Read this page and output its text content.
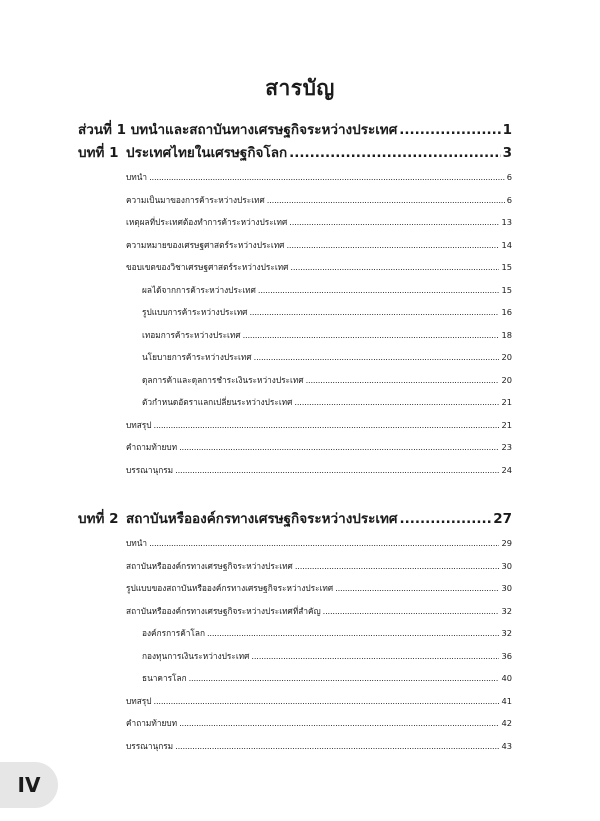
สารบัญ
ส่วนที่ 1 บทนำและสถาบันทางเศรษฐกิจระหว่างประเทศ .....	1
บทที่ 1 ประเทศไทยในเศรษฐกิจโลก .....	3
บทนำ .....	6
ความเป็นมาของการค้าระหว่างประเทศ .....	6
เหตุผลที่ประเทศต้องทำการค้าระหว่างประเทศ .....	13
ความหมายของเศรษฐศาสตร์ระหว่างประเทศ .....	14
ขอบเขตของวิชาเศรษฐศาสตร์ระหว่างประเทศ .....	15
ผลได้จากการค้าระหว่างประเทศ .....	15
รูปแบบการค้าระหว่างประเทศ .....	16
เทอมการค้าระหว่างประเทศ .....	18
นโยบายการค้าระหว่างประเทศ .....	20
ดุลการค้าและดุลการชำระเงินระหว่างประเทศ .....	20
ตัวกำหนดอัตราแลกเปลี่ยนระหว่างประเทศ .....	21
บทสรุป .....	21
คำถามท้ายบท .....	23
บรรณานุกรม .....	24
บทที่ 2 สถาบันหรือองค์กรทางเศรษฐกิจระหว่างประเทศ .....	27
บทนำ .....	29
สถาบันหรือองค์กรทางเศรษฐกิจระหว่างประเทศ .....	30
รูปแบบของสถาบันหรือองค์กรทางเศรษฐกิจระหว่างประเทศ .....	30
สถาบันหรือองค์กรทางเศรษฐกิจระหว่างประเทศที่สำคัญ .....	32
องค์กรการค้าโลก .....	32
กองทุนการเงินระหว่างประเทศ .....	36
ธนาคารโลก .....	40
บทสรุป .....	41
คำถามท้ายบท .....	42
บรรณานุกรม .....	43
IV
